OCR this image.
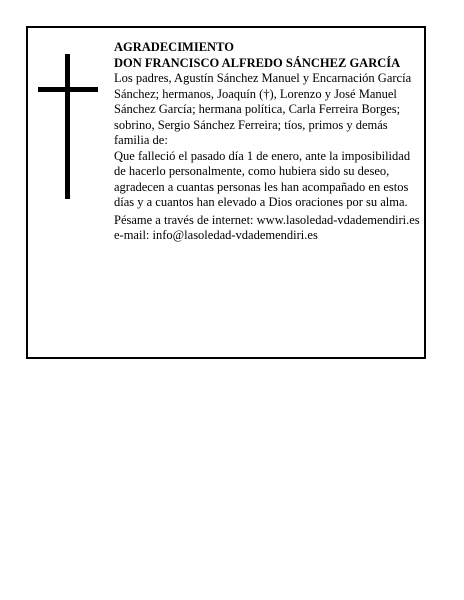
AGRADECIMIENTO

DON FRANCISCO ALFREDO SÁNCHEZ GARCÍA

Los padres, Agustín Sánchez Manuel y Encarnación García Sánchez; hermanos, Joaquín (†), Lorenzo y José Manuel Sánchez García; hermana política, Carla Ferreira Borges; sobrino, Sergio Sánchez Ferreira; tíos, primos y demás familia de:

Que falleció el pasado día 1 de enero, ante la imposibilidad de hacerlo personalmente, como hubiera sido su deseo, agradecen a cuantas personas les han acompañado en estos días y a cuantos han elevado a Dios oraciones por su alma.

Pésame a través de internet: www.lasoledad-vdademendiri.es e-mail: info@lasoledad-vdademendiri.es
